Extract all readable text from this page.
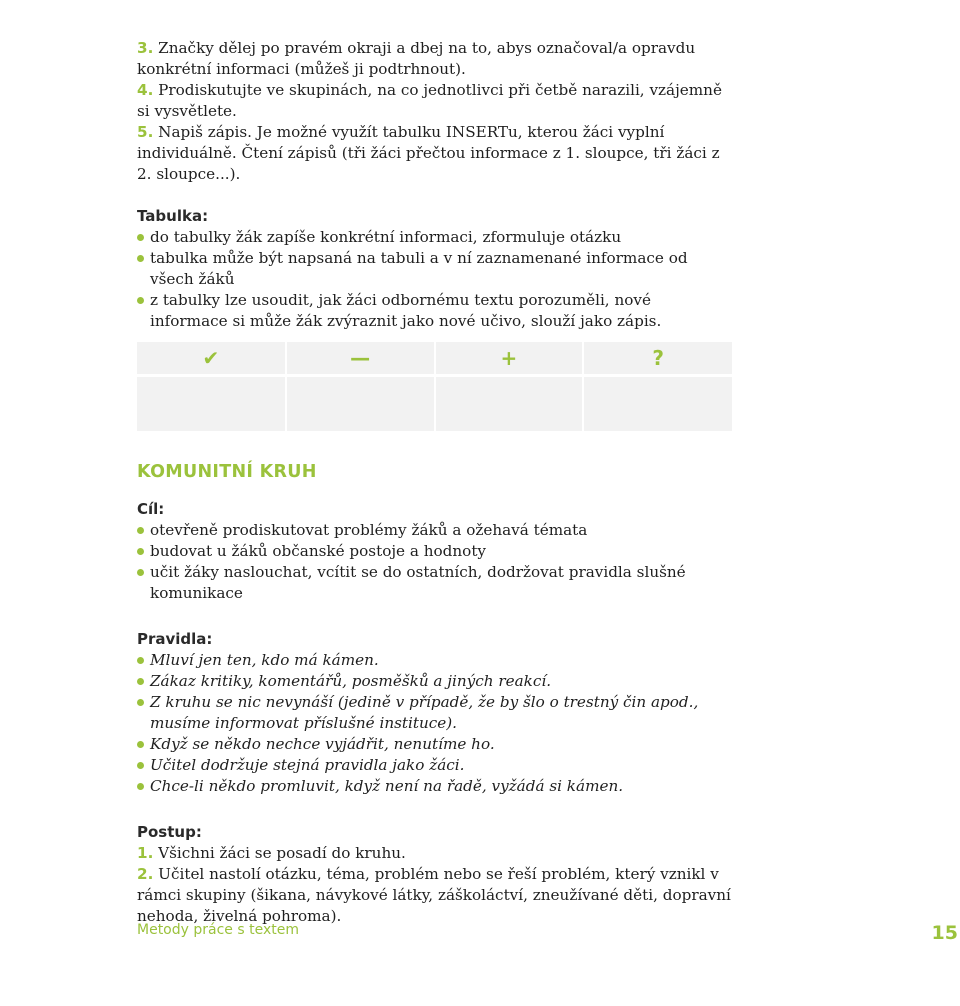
3. Značky dělej po pravém okraji a dbej na to, abys označoval/a opravdu konkrétní informaci (můžeš ji podtrhnout).
4. Prodiskutujte ve skupinách, na co jednotlivci při četbě narazili, vzájemně si vysvětlete.
5. Napiš zápis. Je možné využít tabulku INSERTu, kterou žáci vyplní individuálně. Čtení zápisů (tři žáci přečtou informace z 1. sloupce, tři žáci z 2. sloupce...).
Tabulka:
do tabulky žák zapíše konkrétní informaci, zformuluje otázku
tabulka může být napsaná na tabuli a v ní zaznamenané informace od všech žáků
z tabulky lze usoudit, jak žáci odbornému textu porozuměli, nové informace si může žák zvýraznit jako nové učivo, slouží jako zápis.
✔	—	+	?

KOMUNITNÍ KRUH
Cíl:
otevřeně prodiskutovat problémy žáků a ožehavá témata
budovat u žáků občanské postoje a hodnoty
učit žáky naslouchat, vcítit se do ostatních, dodržovat pravidla slušné komunikace
Pravidla:
Mluví jen ten, kdo má kámen.
Zákaz kritiky, komentářů, posměšků a jiných reakcí.
Z kruhu se nic nevynáší (jedině v případě, že by šlo o trestný čin apod., musíme informovat příslušné instituce).
Když se někdo nechce vyjádřit, nenutíme ho.
Učitel dodržuje stejná pravidla jako žáci.
Chce-li někdo promluvit, když není na řadě, vyžádá si kámen.
Postup:
1. Všichni žáci se posadí do kruhu.
2. Učitel nastolí otázku, téma, problém nebo se řeší problém, který vznikl v rámci skupiny (šikana, návykové látky, záškoláctví, zneužívané děti, dopravní nehoda, živelná pohroma).
Metody práce s textem	15
